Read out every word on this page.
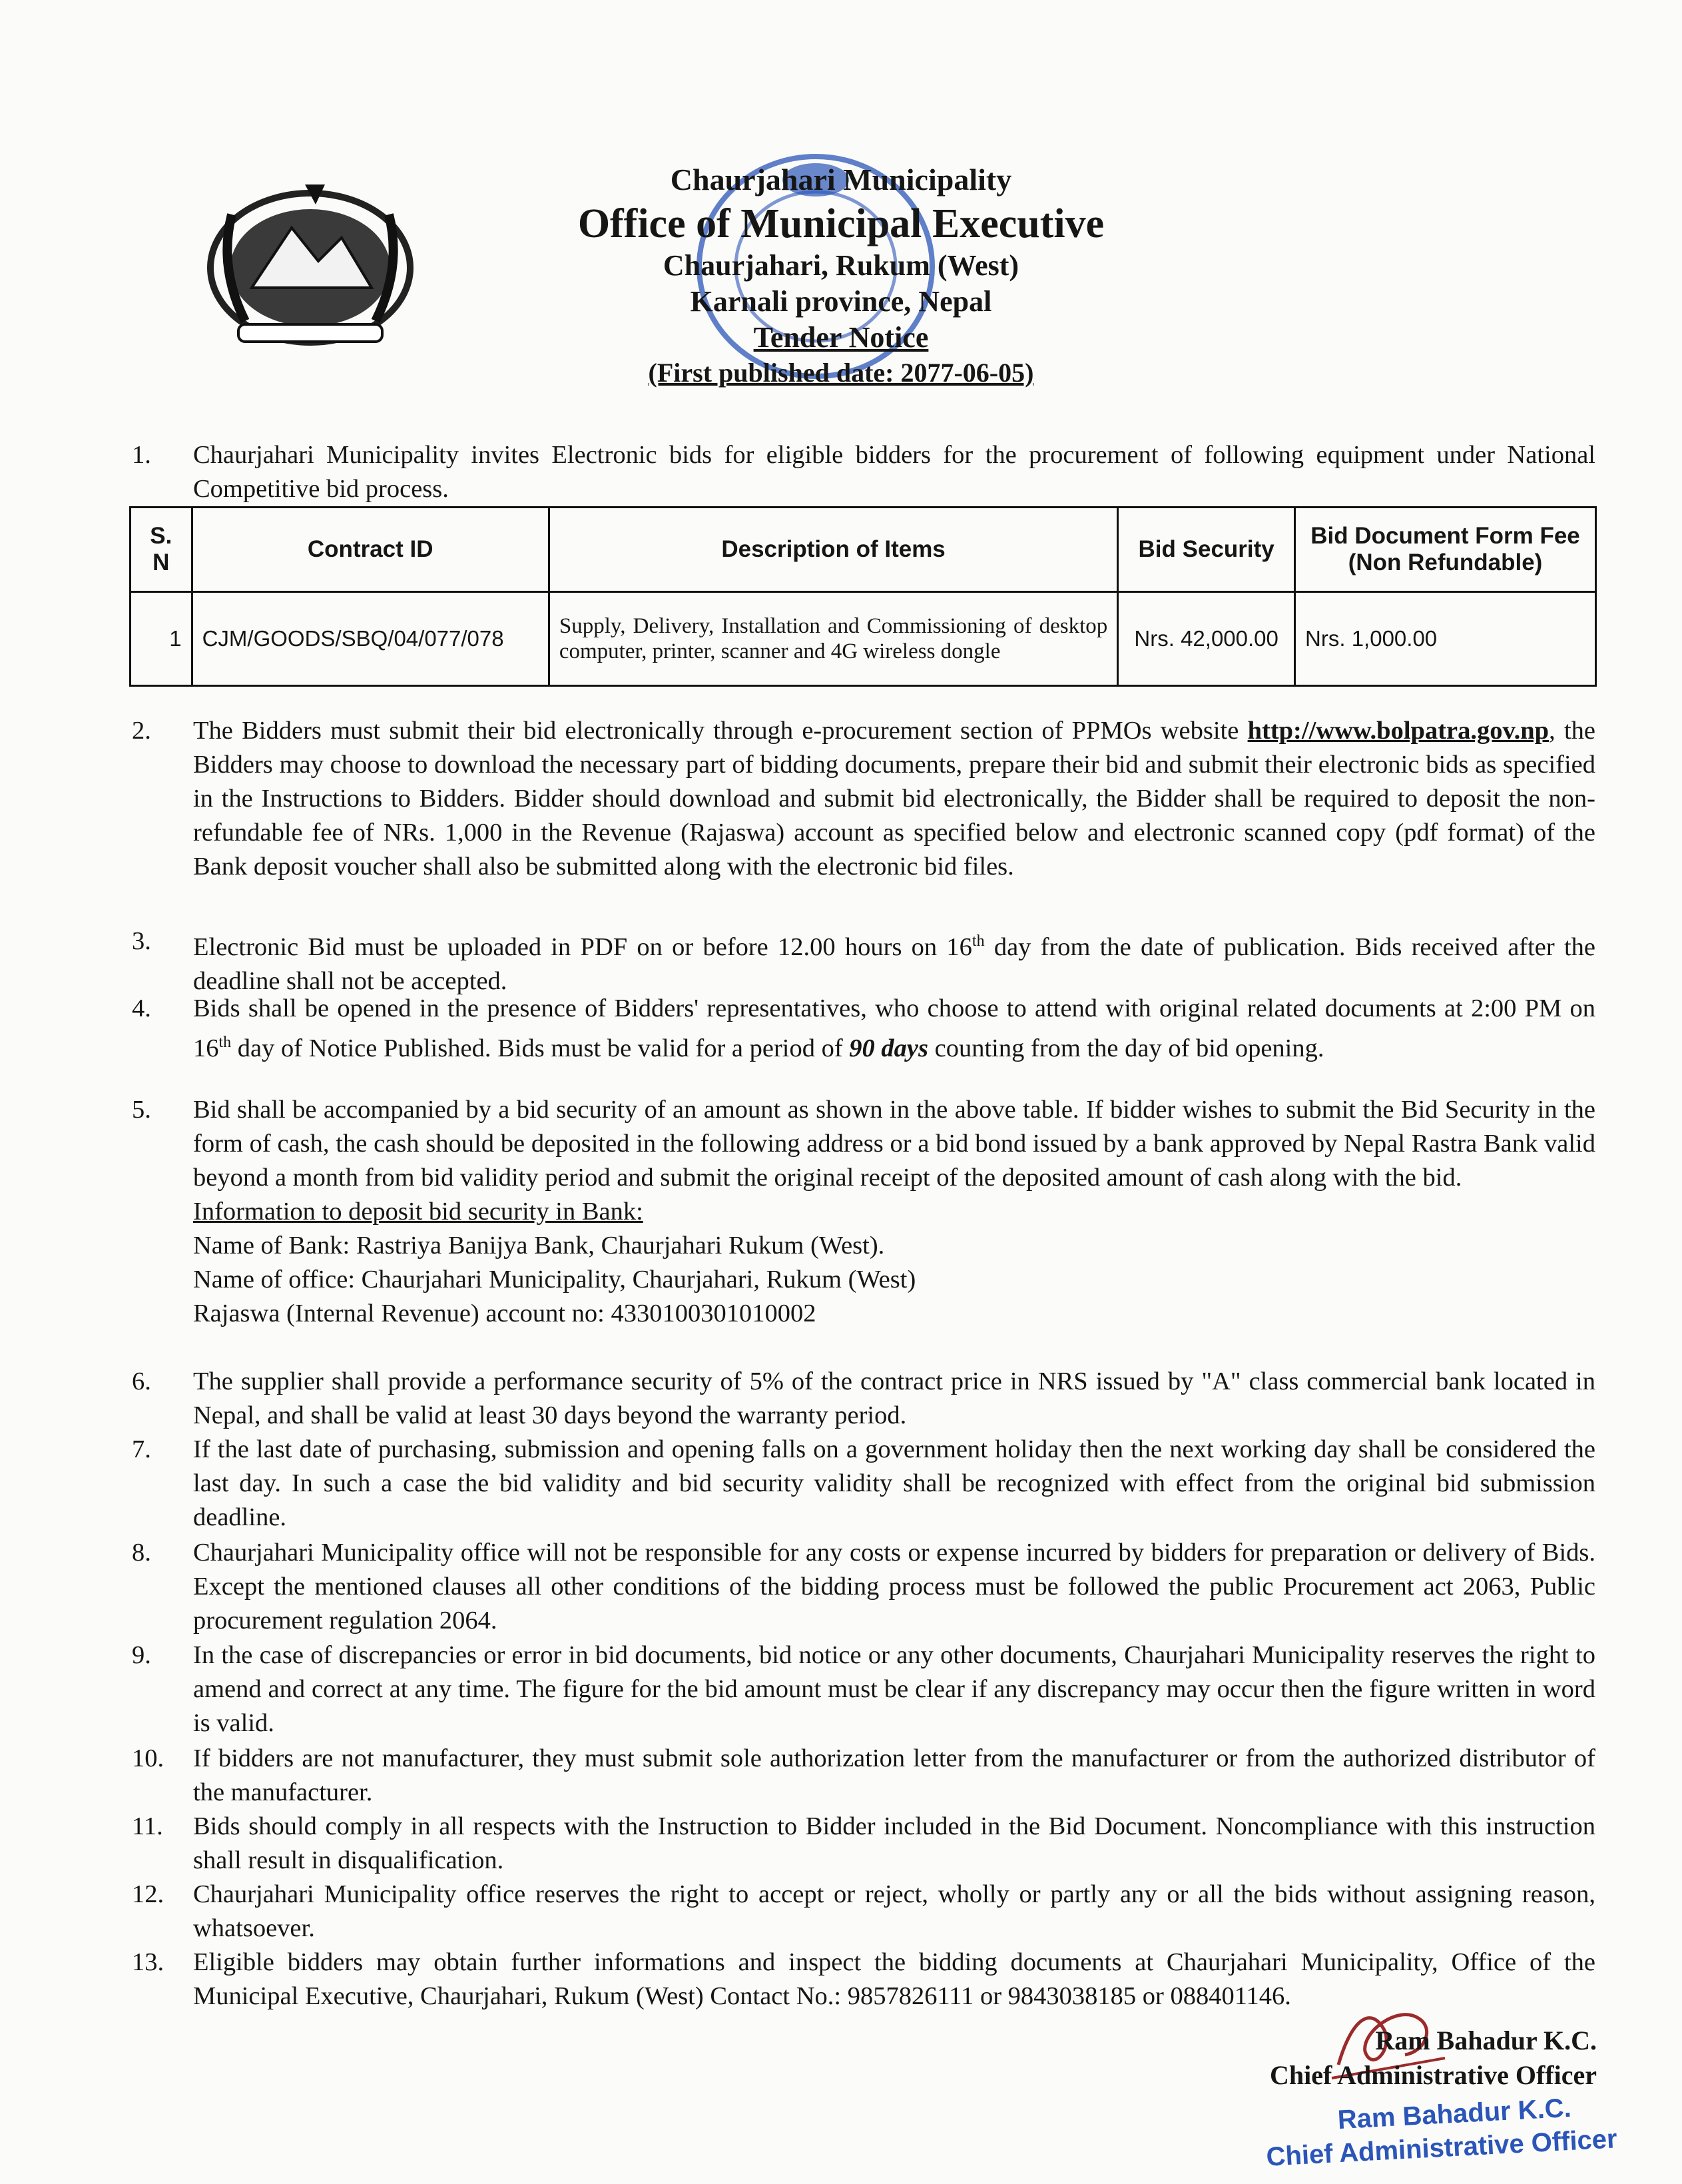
Chaurjahari Municipality
Office of Municipal Executive
Chaurjahari, Rukum (West)
Karnali province, Nepal
Tender Notice
(First published date: 2077-06-05)
1.	Chaurjahari Municipality invites Electronic bids for eligible bidders for the procurement of following equipment under National Competitive bid process.
S. N	Contract ID	Description of Items	Bid Security	Bid Document Form Fee (Non Refundable)
1	CJM/GOODS/SBQ/04/077/078	Supply, Delivery, Installation and Commissioning of desktop computer, printer, scanner and 4G wireless dongle	Nrs. 42,000.00	Nrs. 1,000.00
2.	The Bidders must submit their bid electronically through e-procurement section of PPMOs website http://www.bolpatra.gov.np, the Bidders may choose to download the necessary part of bidding documents, prepare their bid and submit their electronic bids as specified in the Instructions to Bidders. Bidder should download and submit bid electronically, the Bidder shall be required to deposit the non-refundable fee of NRs. 1,000 in the Revenue (Rajaswa) account as specified below and electronic scanned copy (pdf format) of the Bank deposit voucher shall also be submitted along with the electronic bid files.
3.	Electronic Bid must be uploaded in PDF on or before 12.00 hours on 16th day from the date of publication. Bids received after the deadline shall not be accepted.
4.	Bids shall be opened in the presence of Bidders' representatives, who choose to attend with original related documents at 2:00 PM on 16th day of Notice Published. Bids must be valid for a period of 90 days counting from the day of bid opening.
5.	Bid shall be accompanied by a bid security of an amount as shown in the above table. If bidder wishes to submit the Bid Security in the form of cash, the cash should be deposited in the following address or a bid bond issued by a bank approved by Nepal Rastra Bank valid beyond a month from bid validity period and submit the original receipt of the deposited amount of cash along with the bid.
Information to deposit bid security in Bank:
Name of Bank: Rastriya Banijya Bank, Chaurjahari Rukum (West).
Name of office: Chaurjahari Municipality, Chaurjahari, Rukum (West)
Rajaswa (Internal Revenue) account no: 4330100301010002
6.	The supplier shall provide a performance security of 5% of the contract price in NRS issued by "A" class commercial bank located in Nepal, and shall be valid at least 30 days beyond the warranty period.
7.	If the last date of purchasing, submission and opening falls on a government holiday then the next working day shall be considered the last day. In such a case the bid validity and bid security validity shall be recognized with effect from the original bid submission deadline.
8.	Chaurjahari Municipality office will not be responsible for any costs or expense incurred by bidders for preparation or delivery of Bids. Except the mentioned clauses all other conditions of the bidding process must be followed the public Procurement act 2063, Public procurement regulation 2064.
9.	In the case of discrepancies or error in bid documents, bid notice or any other documents, Chaurjahari Municipality reserves the right to amend and correct at any time. The figure for the bid amount must be clear if any discrepancy may occur then the figure written in word is valid.
10.	If bidders are not manufacturer, they must submit sole authorization letter from the manufacturer or from the authorized distributor of the manufacturer.
11.	Bids should comply in all respects with the Instruction to Bidder included in the Bid Document. Noncompliance with this instruction shall result in disqualification.
12.	Chaurjahari Municipality office reserves the right to accept or reject, wholly or partly any or all the bids without assigning reason, whatsoever.
13.	Eligible bidders may obtain further informations and inspect the bidding documents at Chaurjahari Municipality, Office of the Municipal Executive, Chaurjahari, Rukum (West) Contact No.: 9857826111 or 9843038185 or 088401146.
Ram Bahadur K.C.
Chief Administrative Officer
Ram Bahadur K.C.
Chief Administrative Officer
